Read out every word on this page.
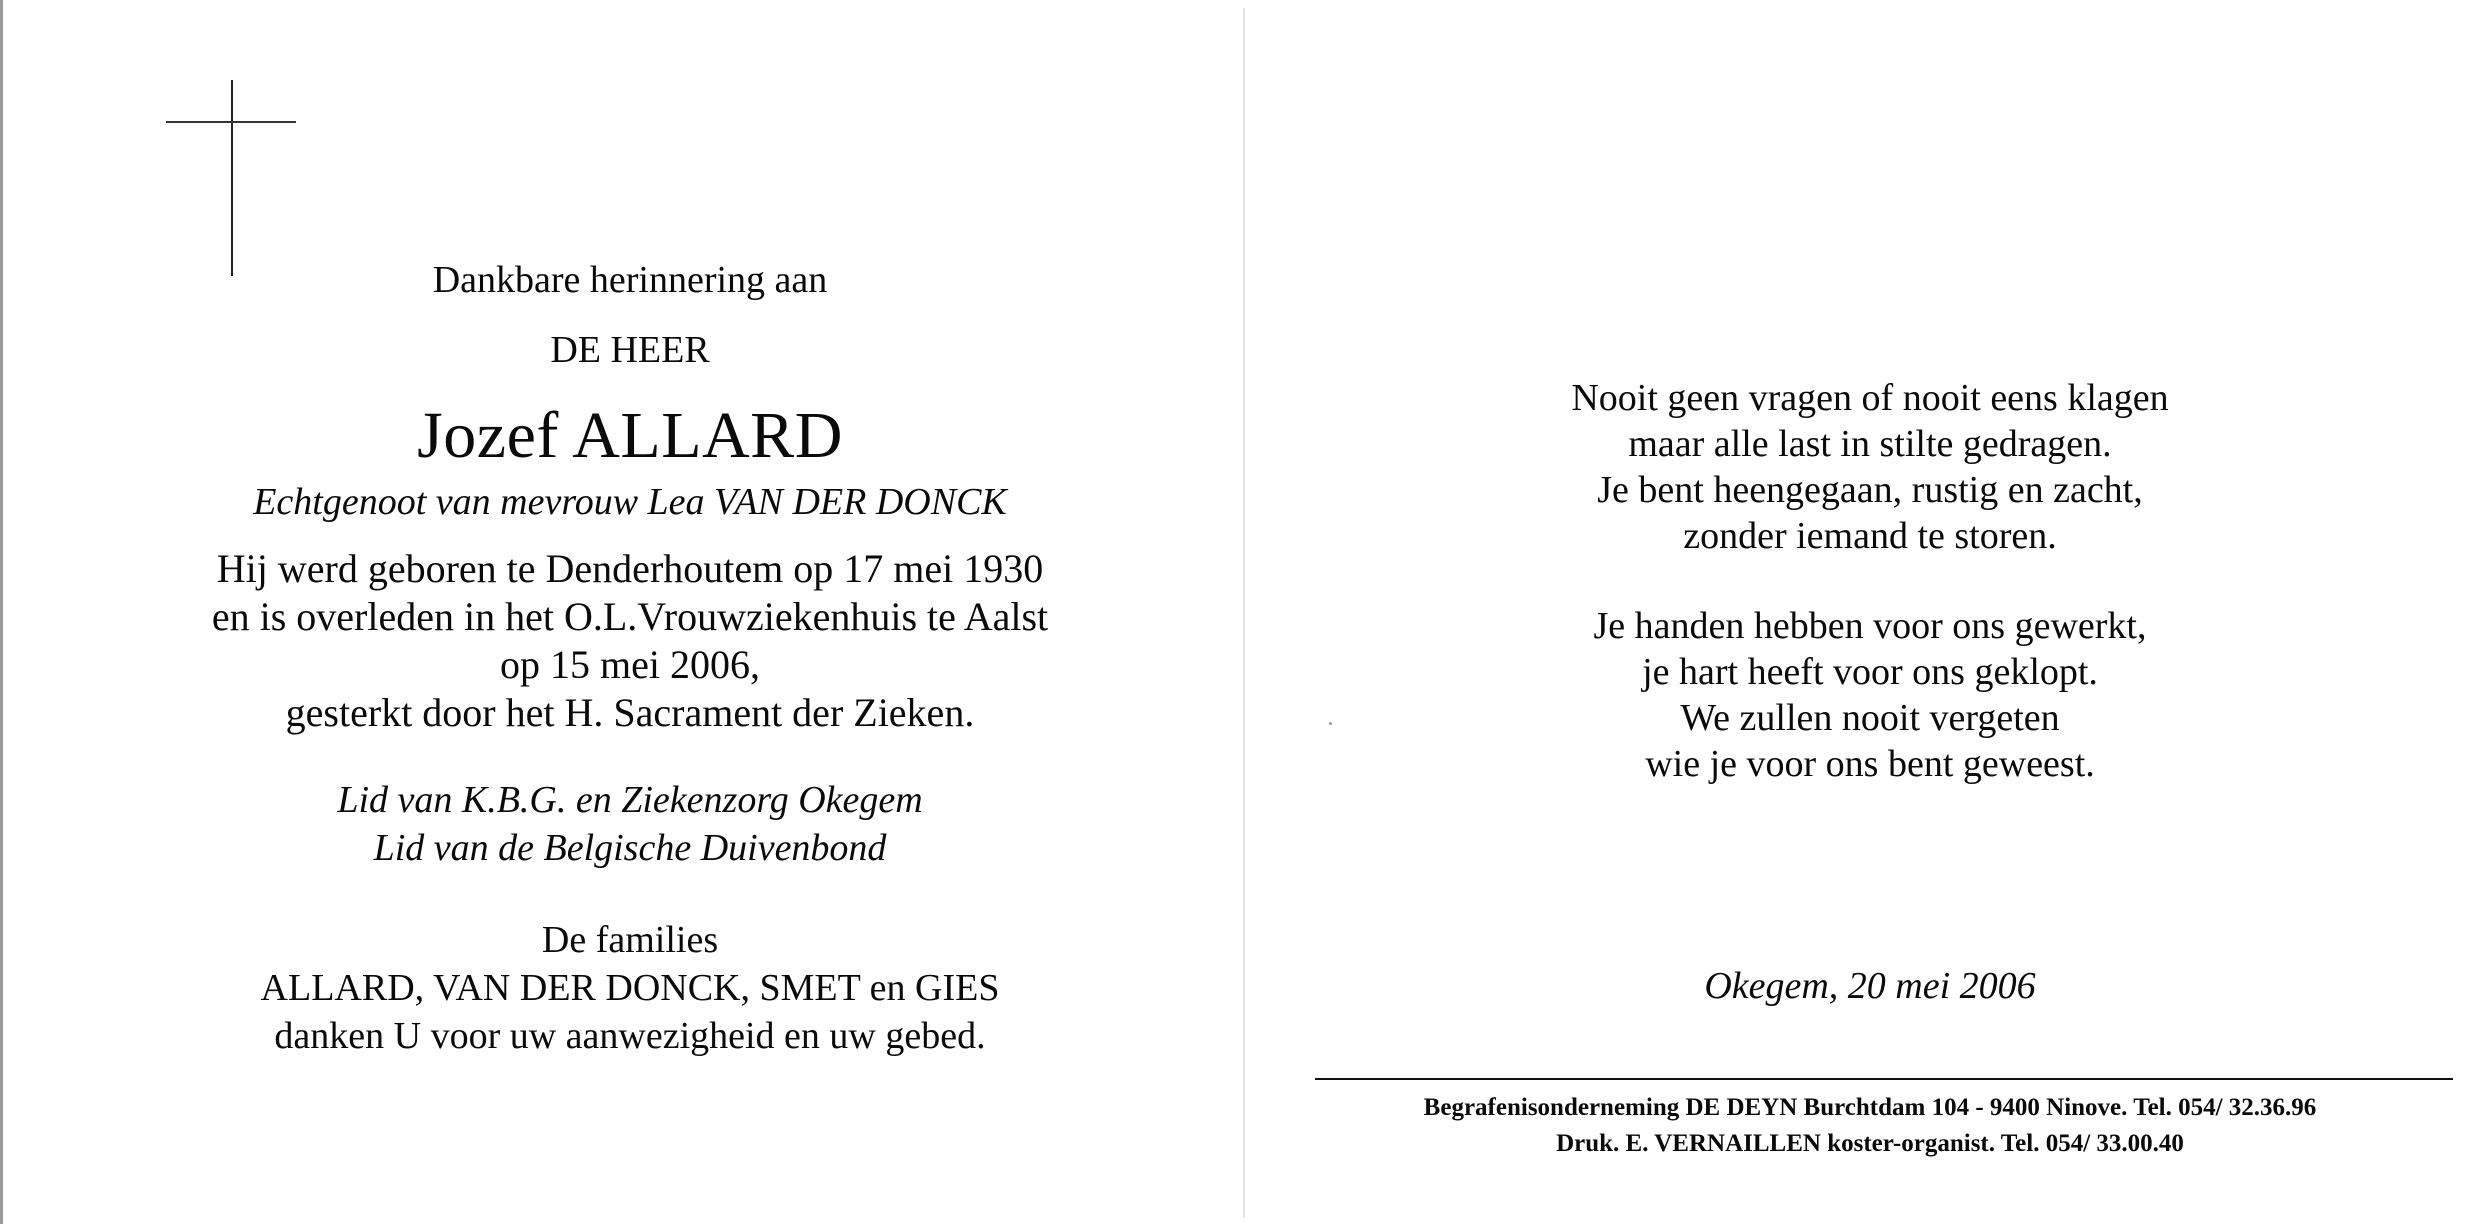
Dankbare herinnering aan
DE HEER
Jozef ALLARD
Echtgenoot van mevrouw Lea VAN DER DONCK
Hij werd geboren te Denderhoutem op 17 mei 1930
en is overleden in het O.L.Vrouwziekenhuis te Aalst
op 15 mei 2006,
gesterkt door het H. Sacrament der Zieken.
Lid van K.B.G. en Ziekenzorg Okegem
Lid van de Belgische Duivenbond
De families
ALLARD, VAN DER DONCK, SMET en GIES
danken U voor uw aanwezigheid en uw gebed.
Nooit geen vragen of nooit eens klagen
maar alle last in stilte gedragen.
Je bent heengegaan, rustig en zacht,
zonder iemand te storen.
Je handen hebben voor ons gewerkt,
je hart heeft voor ons geklopt.
We zullen nooit vergeten
wie je voor ons bent geweest.
Okegem, 20 mei 2006
Begrafenisonderneming DE DEYN Burchtdam 104 - 9400 Ninove. Tel. 054/ 32.36.96
Druk. E. VERNAILLEN koster-organist. Tel. 054/ 33.00.40
